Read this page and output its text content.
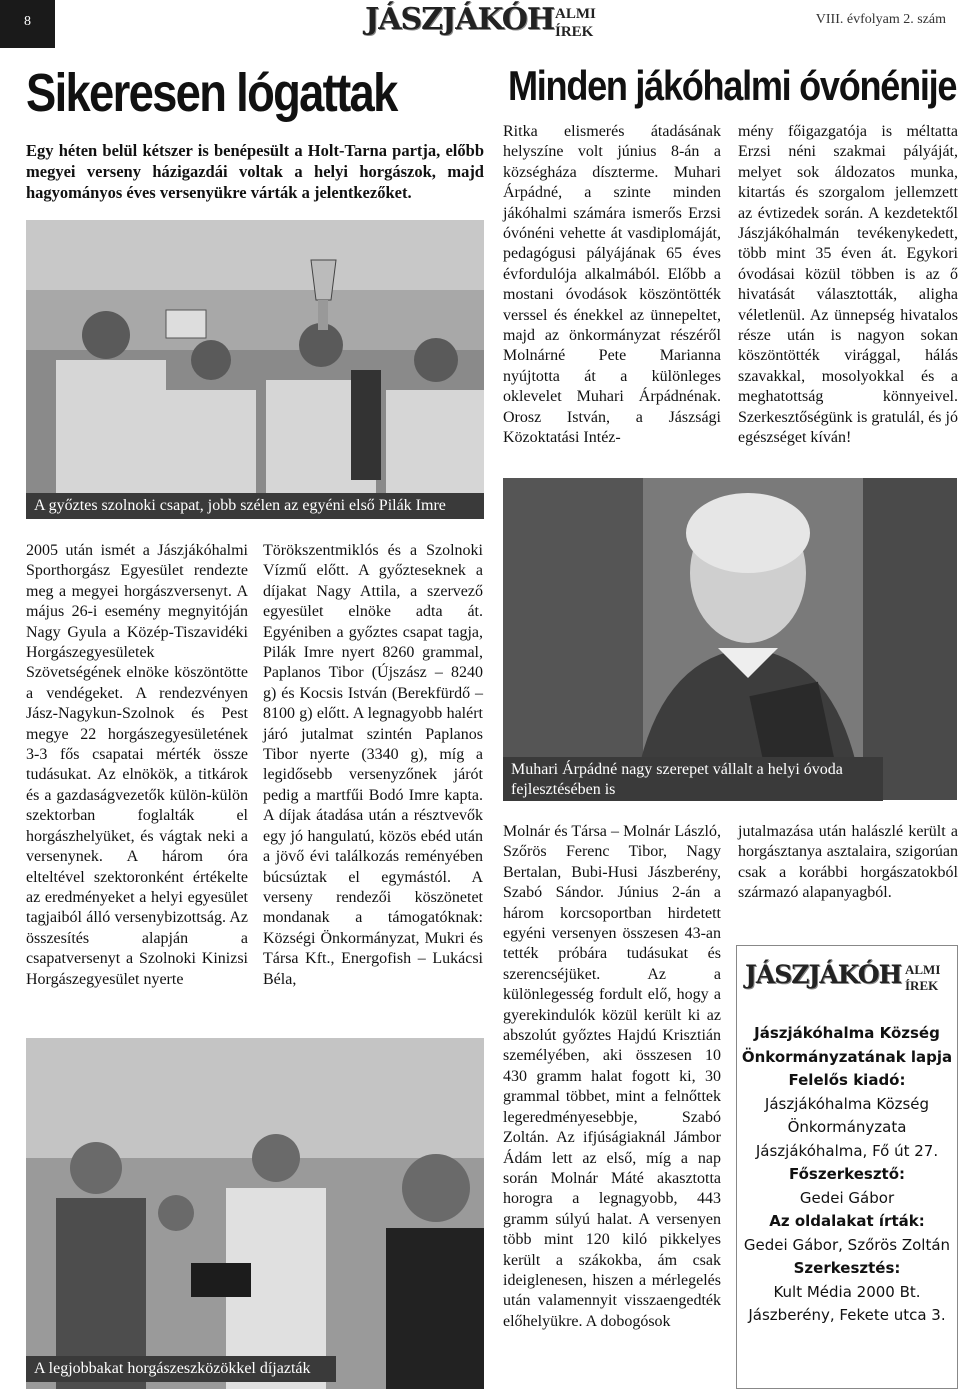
8	JÁSZJÁKÓH ALMI
ÍREK
VIII. évfolyam 2. szám
Sikeresen lógattak	Minden jákóhalmi óvónénije
Egy héten belül kétszer is benépesült a Holt-Tarna partja, előbb megyei verseny házigazdái voltak a helyi horgászok, majd hagyományos éves versenyükre várták a jelentkezőket.
A győztes szolnoki csapat, jobb szélen az egyéni első Pilák Imre
Ritka elismerés átadásának helyszíne volt június 8-án a községháza díszterme. Muhari Árpádné, a szinte minden jákóhalmi számára ismerős Erzsi óvónéni vehette át vasdiplomáját, pedagógusi pályájának 65 éves évfordulója alkalmából. Előbb a mostani óvodások köszöntötték verssel és énekkel az ünnepeltet, majd az önkormányzat részéről Molnárné Pete Marianna nyújtotta át a különleges oklevelet Muhari Árpádnénak. Orosz István, a Jászsági Közoktatási Intéz-
mény főigazgatója is méltatta Erzsi néni szakmai pályáját, melyet sok áldozatos munka, kitartás és szorgalom jellemzett az évtizedek során. A kezdetektől Jászjákóhalmán tevékenykedett, több mint 35 éven át. Egykori óvodásai közül többen is az ő hivatását választották, aligha véletlenül. Az ünnepség hivatalos része után is nagyon sokan köszöntötték virággal, hálás szavakkal, mosolyokkal és a meghatottság könnyeivel. Szerkesztőségünk is gratulál, és jó egészséget kíván!
Muhari Árpádné nagy szerepet vállalt a helyi óvoda fejlesztésében is
2005 után ismét a Jászjákóhalmi Sporthorgász Egyesület rendezte meg a megyei horgászversenyt. A május 26-i esemény megnyitóján Nagy Gyula a Közép-Tiszavidéki Horgászegyesületek Szövetségének elnöke köszöntötte a vendégeket. A rendezvényen Jász-Nagykun-Szolnok és Pest megye 22 horgászegyesületének 3-3 fős csapatai mérték össze tudásukat. Az elnökök, a titkárok és a gazdaságvezetők külön-külön szektorban foglalták el horgászhelyüket, és vágtak neki a versenynek. A három óra elteltével szektoronként értékelte az eredményeket a helyi egyesület tagjaiból álló versenybizottság. Az összesítés alapján a csapatversenyt a Szolnoki Kinizsi Horgászegyesület nyerte
Törökszentmiklós és a Szolnoki Vízmű előtt. A győzteseknek a díjakat Nagy Attila, a szervező egyesület elnöke adta át. Egyéniben a győztes csapat tagja, Pilák Imre nyert 8260 grammal, Paplanos Tibor (Újszász – 8240 g) és Kocsis István (Berekfürdő – 8100 g) előtt. A legnagyobb halért járó jutalmat szintén Paplanos Tibor nyerte (3340 g), míg a legidősebb versenyzőnek járót pedig a martfűi Bodó Imre kapta. A díjak átadása után a résztvevők egy jó hangulatú, közös ebéd után a jövő évi találkozás reményében búcsúztak el egymástól. A verseny rendezői köszönetet mondanak a támogatóknak: Községi Önkormányzat, Mukri és Társa Kft., Energofish – Lukácsi Béla,
Molnár és Társa – Molnár László, Szőrös Ferenc Tibor, Nagy Bertalan, Bubi-Husi Jászberény, Szabó Sándor. Június 2-án a három korcsoportban hirdetett egyéni versenyen összesen 43-an tették próbára tudásukat és szerencséjüket. Az a különlegesség fordult elő, hogy a gyerekindulók közül került ki az abszolút győztes Hajdú Krisztián személyében, aki összesen 10 430 gramm halat fogott ki, 30 grammal többet, mint a felnőttek legeredményesebbje, Szabó Zoltán. Az ifjúságiaknál Jámbor Ádám lett az első, míg a nap során Molnár Máté akasztotta horogra a legnagyobb, 443 gramm súlyú halat. A versenyen több mint 120 kiló pikkelyes került a szákokba, ám csak ideiglenesen, hiszen a mérlegelés után valamennyit visszaengedték előhelyükre. A dobogósok
jutalmazása után halászlé került a horgásztanya asztalaira, szigorúan csak a korábbi horgászatokból származó alapanyagból.
A legjobbakat horgászeszközökkel díjazták
JÁSZJÁKÓH ALMI
ÍREK
Jászjákóhalma Község
Önkormányzatának lapja
Felelős kiadó:
Jászjákóhalma Község
Önkormányzata
Jászjákóhalma, Fő út 27.
Főszerkesztő:
Gedei Gábor
Az oldalakat írták:
Gedei Gábor, Szőrös Zoltán
Szerkesztés:
Kult Média 2000 Bt.
Jászberény, Fekete utca 3.
